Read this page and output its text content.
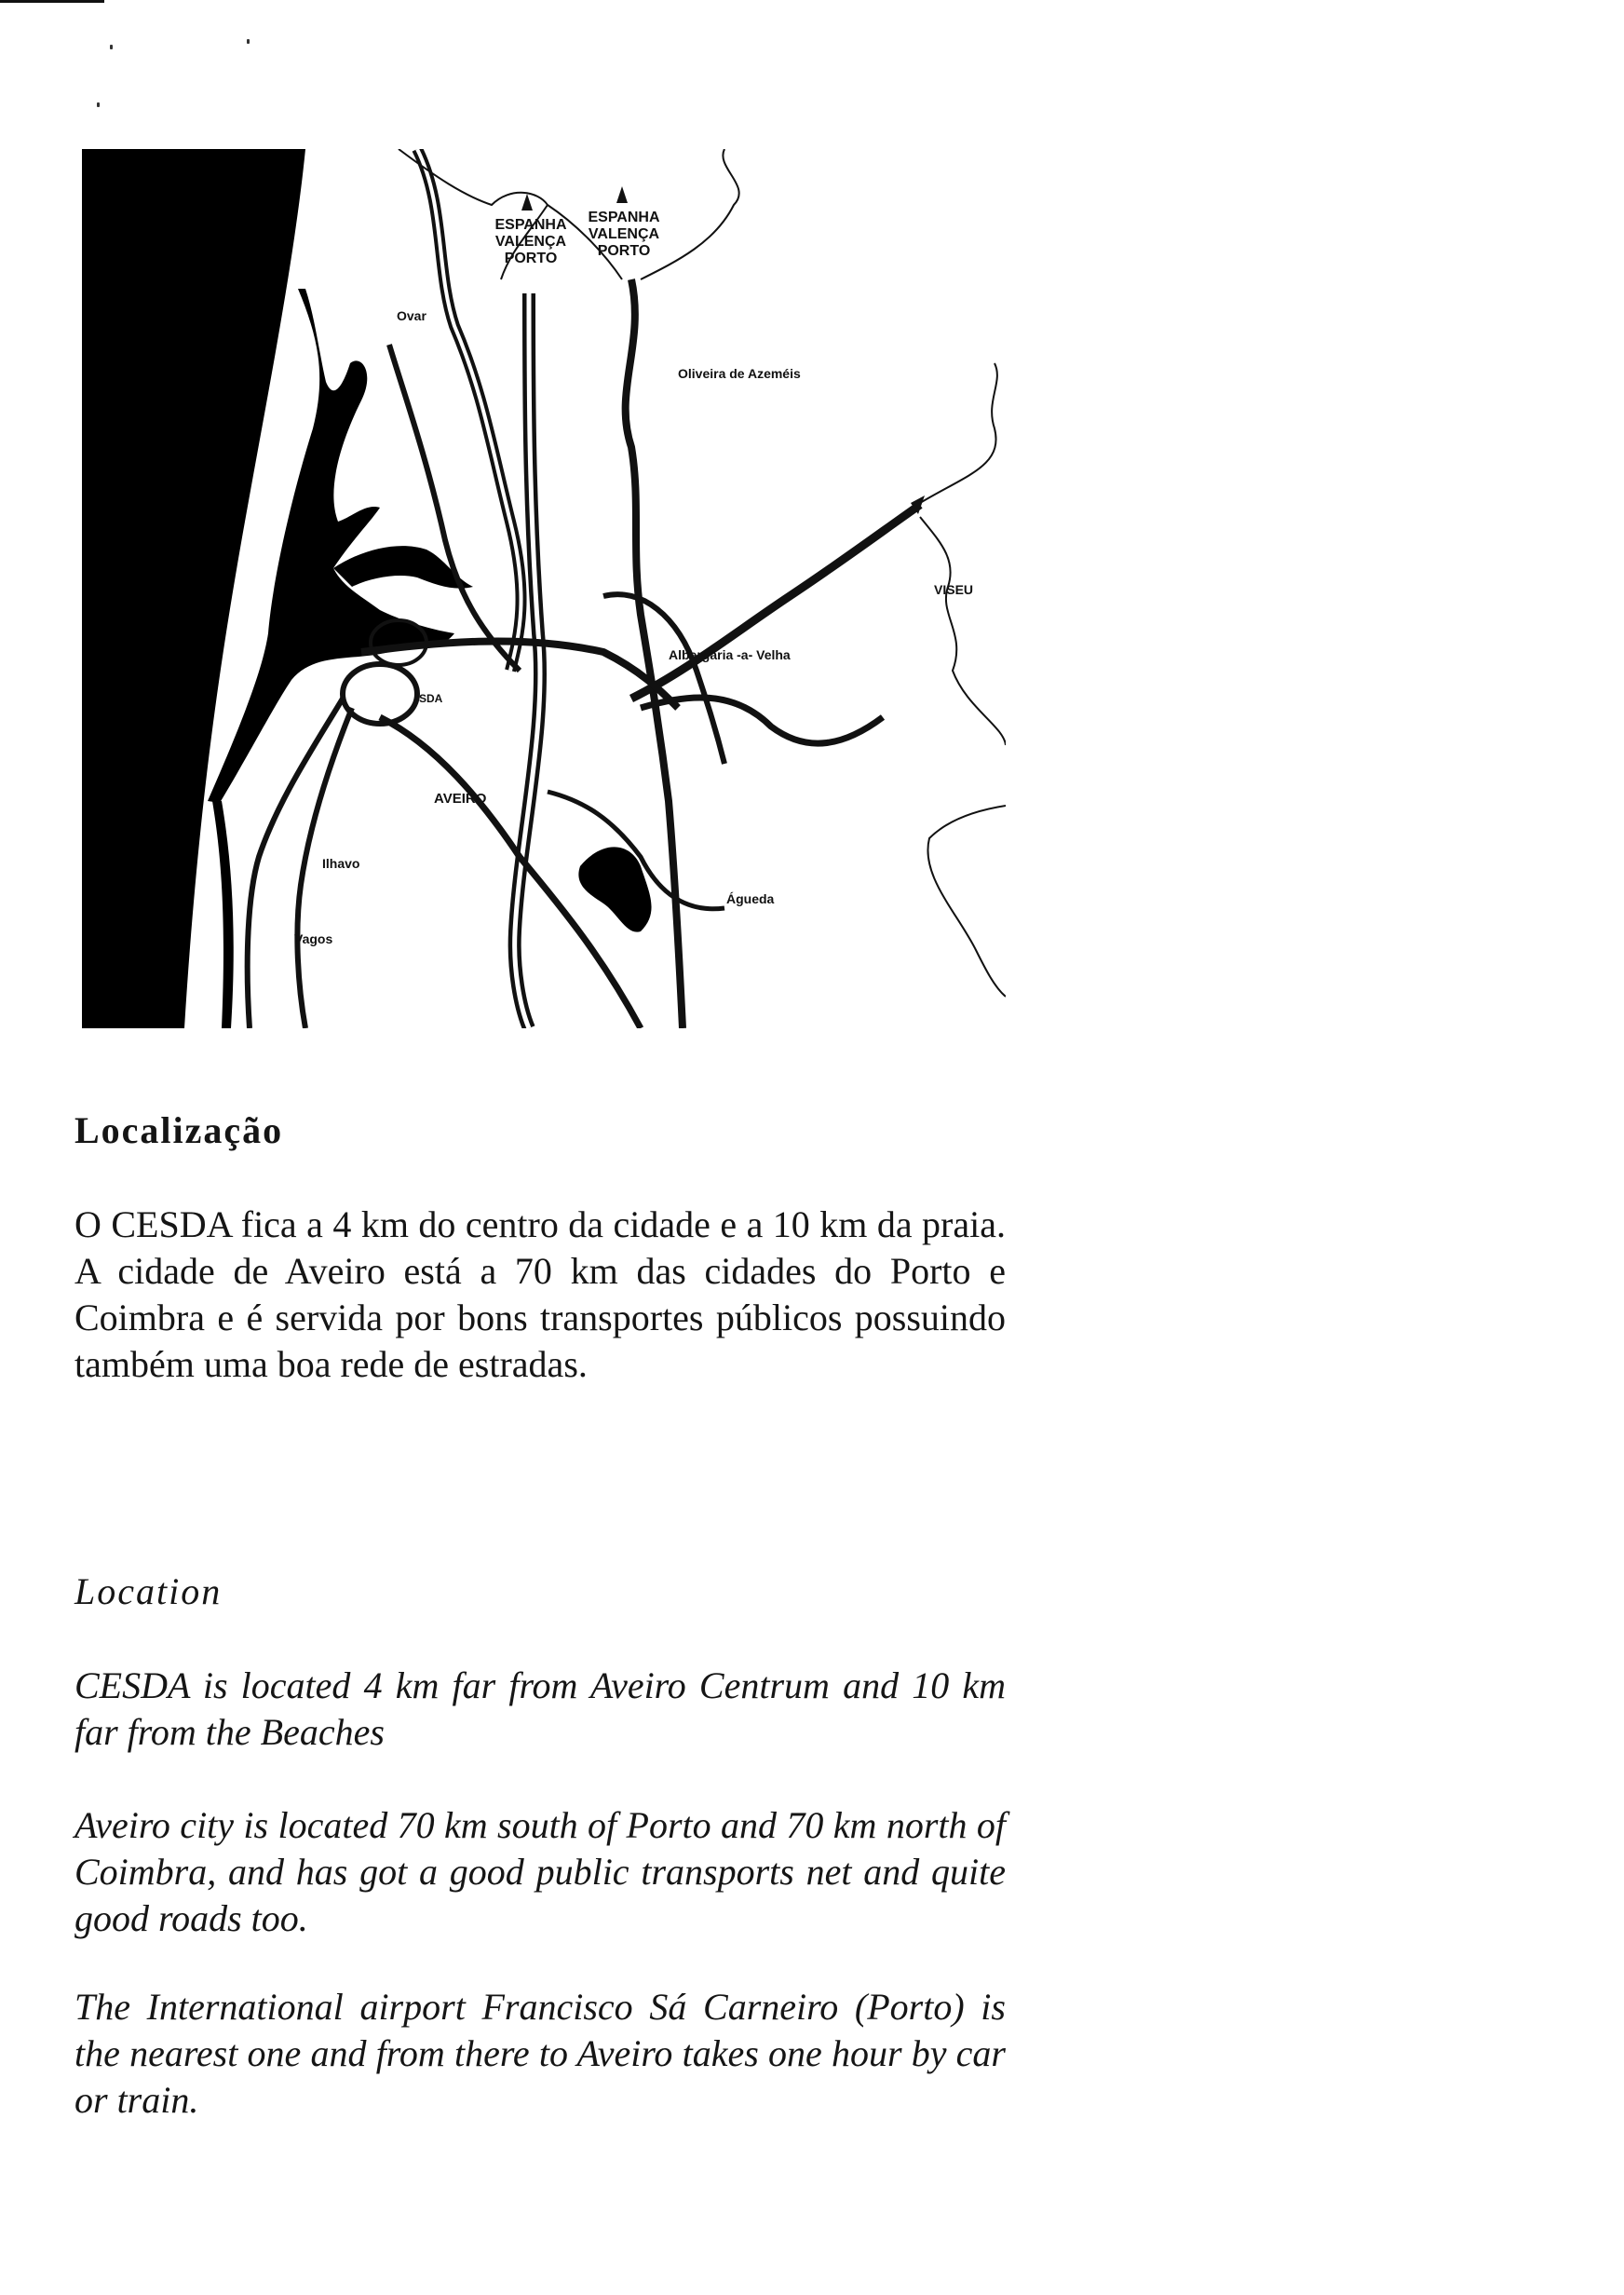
ESPANHA
VALENÇA
PORTO
ESPANHA
VALENÇA
PORTO
Ovar
Oliveira de Azeméis
VISEU
Albergaria -a- Velha
SDA
AVEIRO
Ilhavo
Vagos
Águeda
Localização
O CESDA fica a 4 km do centro da cidade e a 10 km da praia. A cidade de Aveiro está a 70 km das cidades do Porto e Coimbra e é servida por bons transportes públicos possuindo também uma boa rede de estradas.
Location
CESDA is located 4 km far from Aveiro Centrum and 10 km far from the Beaches
Aveiro city is located 70 km south of Porto and 70 km north of Coimbra, and has got a good public transports net and quite good roads too.
The International airport Francisco Sá Carneiro (Porto) is the nearest one and from there to Aveiro takes one hour by car or train.
